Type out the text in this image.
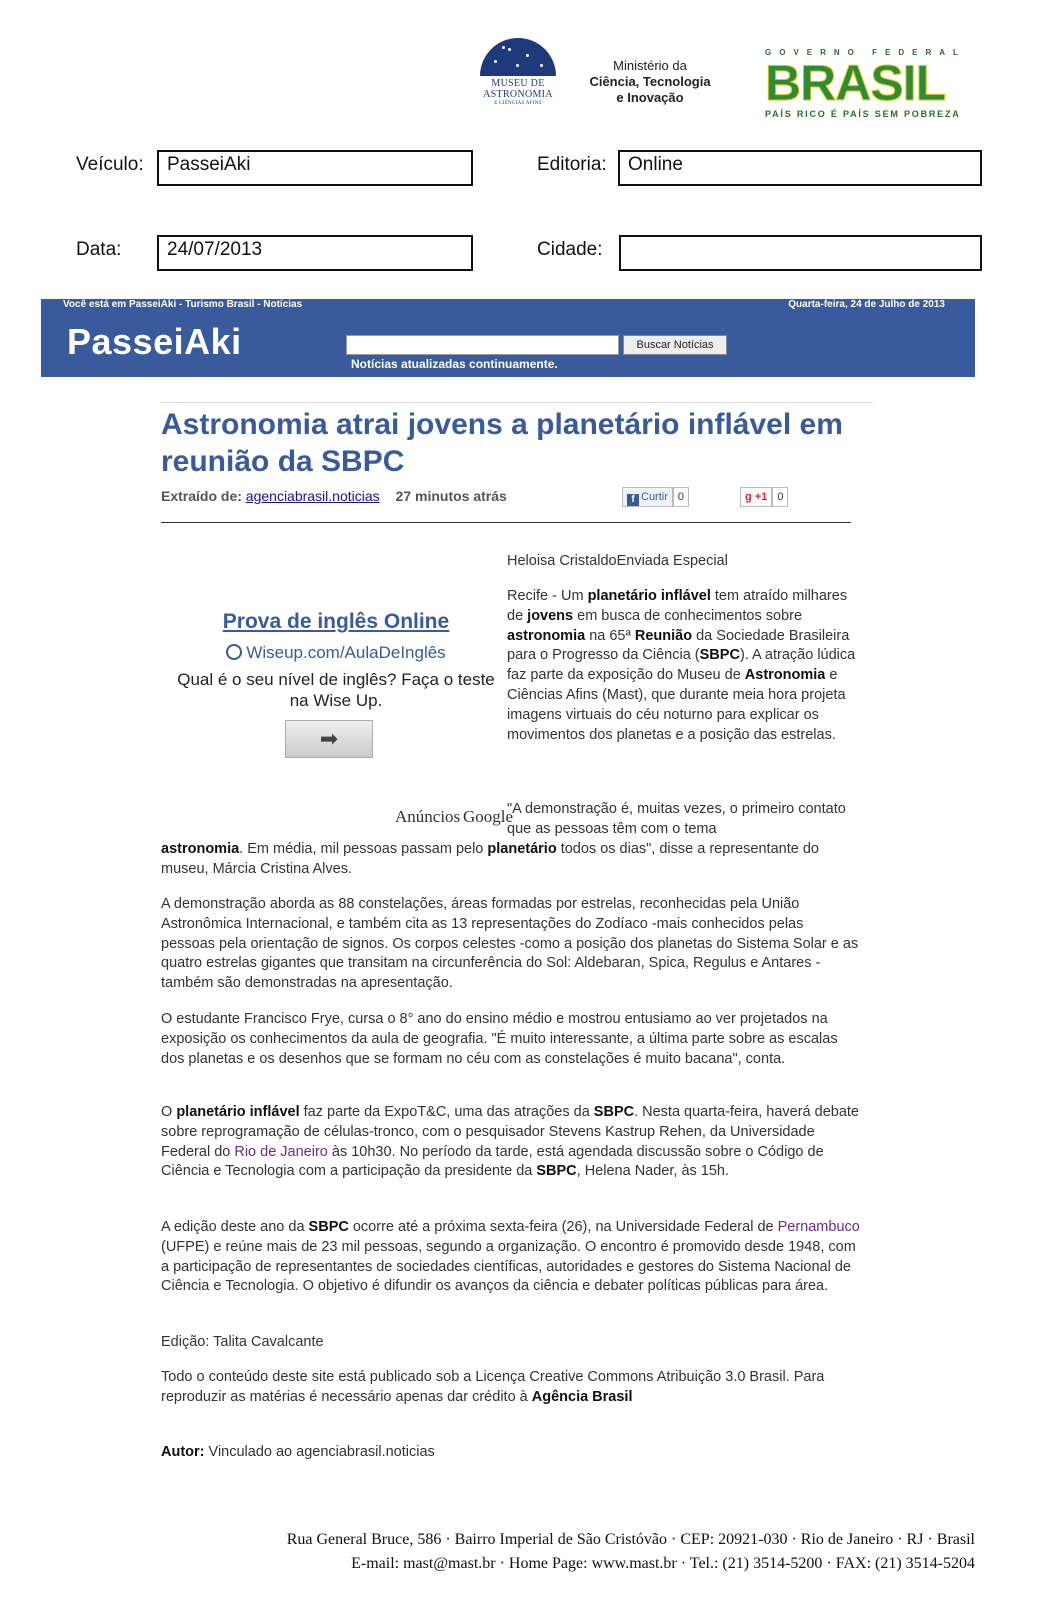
MUSEU DE
ASTRONOMIA
E CIÊNCIAS AFINS
Ministério da
Ciência, Tecnologia
e Inovação
GOVERNO FEDERAL
BRASIL
PAÍS RICO É PAÍS SEM POBREZA
Veículo:	PasseiAki	Editoria:	Online
Data:	24/07/2013	Cidade:
Você está em PasseiAki - Turismo Brasil - Notícias	Quarta-feira, 24 de Julho de 2013
PasseiAki	Buscar Notícias
Notícias atualizadas continuamente.
Astronomia atrai jovens a planetário inflável em reunião da SBPC
Extraído de: agenciabrasil.noticias 27 minutos atrás	f Curtir 0	g +1 0
Prova de inglês Online
Wiseup.com/AulaDeInglês
Qual é o seu nível de inglês? Faça o teste na Wise Up.
➡
Anúncios Google
Heloisa CristaldoEnviada Especial
Recife - Um planetário inflável tem atraído milhares de jovens em busca de conhecimentos sobre astronomia na 65ª Reunião da Sociedade Brasileira para o Progresso da Ciência (SBPC). A atração lúdica faz parte da exposição do Museu de Astronomia e Ciências Afins (Mast), que durante meia hora projeta imagens virtuais do céu noturno para explicar os movimentos dos planetas e a posição das estrelas.
"A demonstração é, muitas vezes, o primeiro contato que as pessoas têm com o tema
astronomia. Em média, mil pessoas passam pelo planetário todos os dias", disse a representante do museu, Márcia Cristina Alves.
A demonstração aborda as 88 constelações, áreas formadas por estrelas, reconhecidas pela União Astronômica Internacional, e também cita as 13 representações do Zodíaco -mais conhecidos pelas pessoas pela orientação de signos. Os corpos celestes -como a posição dos planetas do Sistema Solar e as quatro estrelas gigantes que transitam na circunferência do Sol: Aldebaran, Spica, Regulus e Antares -também são demonstradas na apresentação.
O estudante Francisco Frye, cursa o 8° ano do ensino médio e mostrou entusiamo ao ver projetados na exposição os conhecimentos da aula de geografia. "É muito interessante, a última parte sobre as escalas dos planetas e os desenhos que se formam no céu com as constelações é muito bacana", conta.
O planetário inflável faz parte da ExpoT&C, uma das atrações da SBPC. Nesta quarta-feira, haverá debate sobre reprogramação de células-tronco, com o pesquisador Stevens Kastrup Rehen, da Universidade Federal do Rio de Janeiro às 10h30. No período da tarde, está agendada discussão sobre o Código de Ciência e Tecnologia com a participação da presidente da SBPC, Helena Nader, às 15h.
A edição deste ano da SBPC ocorre até a próxima sexta-feira (26), na Universidade Federal de Pernambuco (UFPE) e reúne mais de 23 mil pessoas, segundo a organização. O encontro é promovido desde 1948, com a participação de representantes de sociedades científicas, autoridades e gestores do Sistema Nacional de Ciência e Tecnologia. O objetivo é difundir os avanços da ciência e debater políticas públicas para área.
Edição: Talita Cavalcante
Todo o conteúdo deste site está publicado sob a Licença Creative Commons Atribuição 3.0 Brasil. Para reproduzir as matérias é necessário apenas dar crédito à Agência Brasil
Autor: Vinculado ao agenciabrasil.noticias
Rua General Bruce, 586 · Bairro Imperial de São Cristóvão · CEP: 20921-030 · Rio de Janeiro · RJ · Brasil
E-mail: mast@mast.br · Home Page: www.mast.br · Tel.: (21) 3514-5200 · FAX: (21) 3514-5204
